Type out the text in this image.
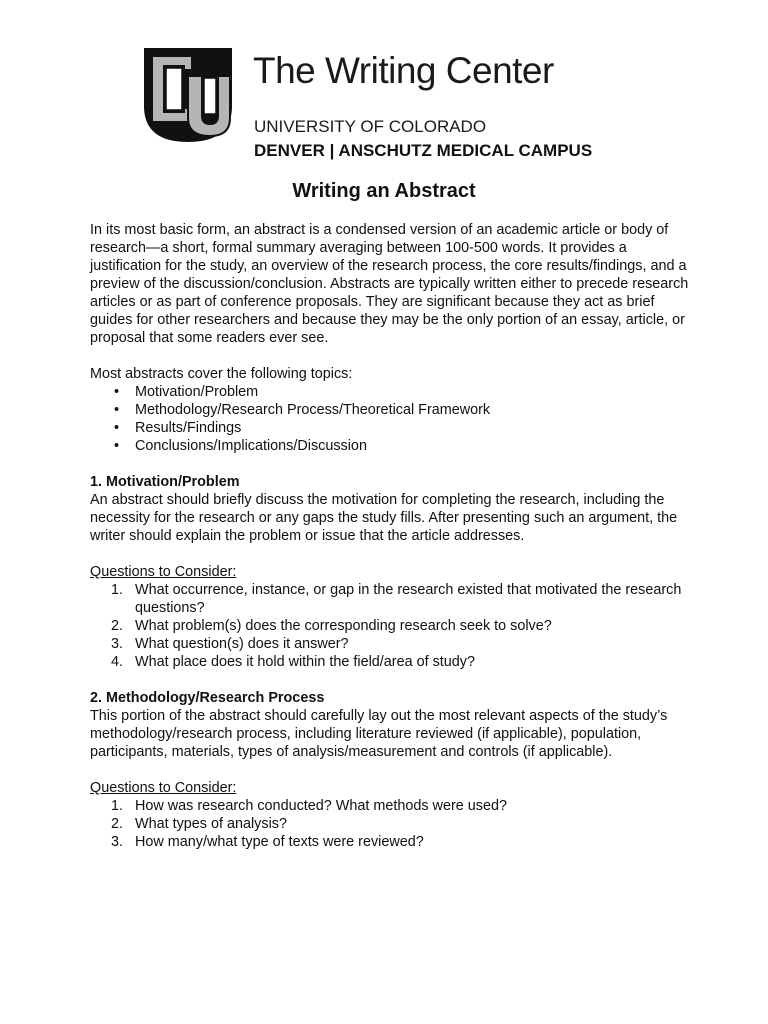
The Writing Center
UNIVERSITY OF COLORADO
DENVER | ANSCHUTZ MEDICAL CAMPUS
Writing an Abstract

In its most basic form, an abstract is a condensed version of an academic article or body of research—a short, formal summary averaging between 100-500 words. It provides a justification for the study, an overview of the research process, the core results/findings, and a preview of the discussion/conclusion. Abstracts are typically written either to precede research articles or as part of conference proposals. They are significant because they act as brief guides for other researchers and because they may be the only portion of an essay, article, or proposal that some readers ever see.

Most abstracts cover the following topics:

• Motivation/Problem
• Methodology/Research Process/Theoretical Framework
• Results/Findings
• Conclusions/Implications/Discussion

1. Motivation/Problem

An abstract should briefly discuss the motivation for completing the research, including the necessity for the research or any gaps the study fills. After presenting such an argument, the writer should explain the problem or issue that the article addresses.

Questions to Consider:

1. What occurrence, instance, or gap in the research existed that motivated the research questions?
2. What problem(s) does the corresponding research seek to solve?
3. What question(s) does it answer?
4. What place does it hold within the field/area of study?

2. Methodology/Research Process

This portion of the abstract should carefully lay out the most relevant aspects of the study’s methodology/research process, including literature reviewed (if applicable), population, participants, materials, types of analysis/measurement and controls (if applicable).

Questions to Consider:

1. How was research conducted? What methods were used?
2. What types of analysis?
3. How many/what type of texts were reviewed?
